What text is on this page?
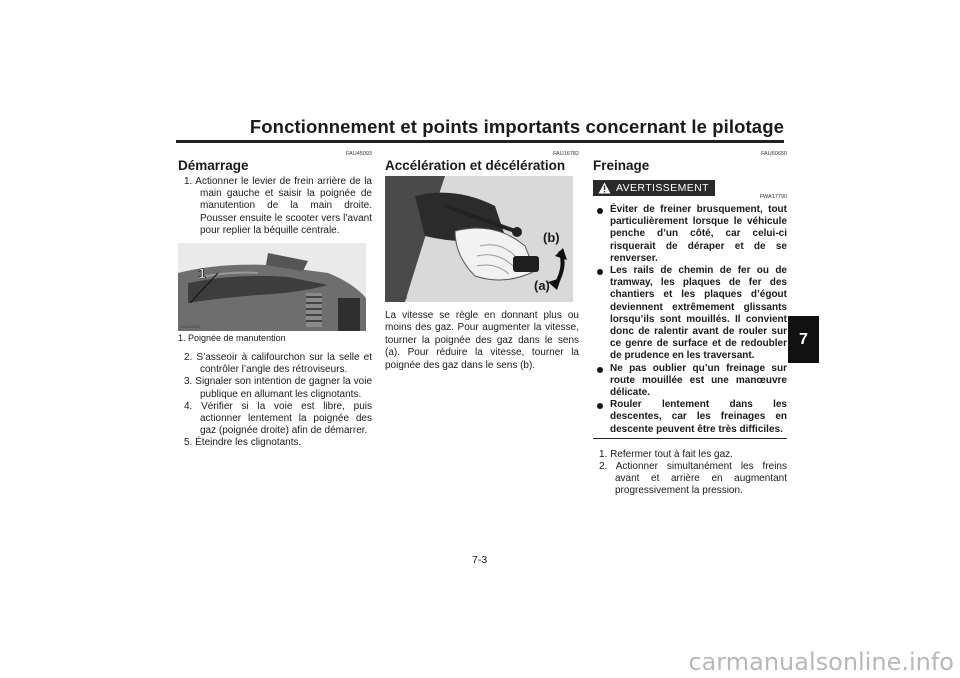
Fonctionnement et points importants concernant le pilotage
7
FAU45093
Démarrage

1. Actionner le levier de frein arrière de la main gauche et saisir la poignée de manutention de la main droite. Pousser ensuite le scooter vers l’avant pour replier la béquille centrale.

1
ZAUN1855
1. Poignée de manutention

2. S’asseoir à califourchon sur la selle et contrôler l’angle des rétroviseurs.

3. Signaler son intention de gagner la voie publique en allumant les clignotants.

4. Vérifier si la voie est libre, puis actionner lentement la poignée des gaz (poignée droite) afin de démarrer.

5. Éteindre les clignotants.

FAU16782
Accélération et décélération
(b)
(a)
ZAUM1834

La vitesse se règle en donnant plus ou moins des gaz. Pour augmenter la vitesse, tourner la poignée des gaz dans le sens (a). Pour réduire la vitesse, tourner la poignée des gaz dans le sens (b).

FAU60650
Freinage
AVERTISSEMENT
FWA17790
Éviter de freiner brusquement, tout particulièrement lorsque le véhicule penche d’un côté, car celui-ci risquerait de déraper et de se renverser.
Les rails de chemin de fer ou de tramway, les plaques de fer des chantiers et les plaques d’égout deviennent extrêmement glissants lorsqu’ils sont mouillés. Il convient donc de ralentir avant de rouler sur ce genre de surface et de redoubler de prudence en les traversant.
Ne pas oublier qu’un freinage sur route mouillée est une manœuvre délicate.
Rouler lentement dans les descentes, car les freinages en descente peuvent être très difficiles.

1. Refermer tout à fait les gaz.

2. Actionner simultanément les freins avant et arrière en augmentant progressivement la pression.

7-3
carmanualsonline.info
